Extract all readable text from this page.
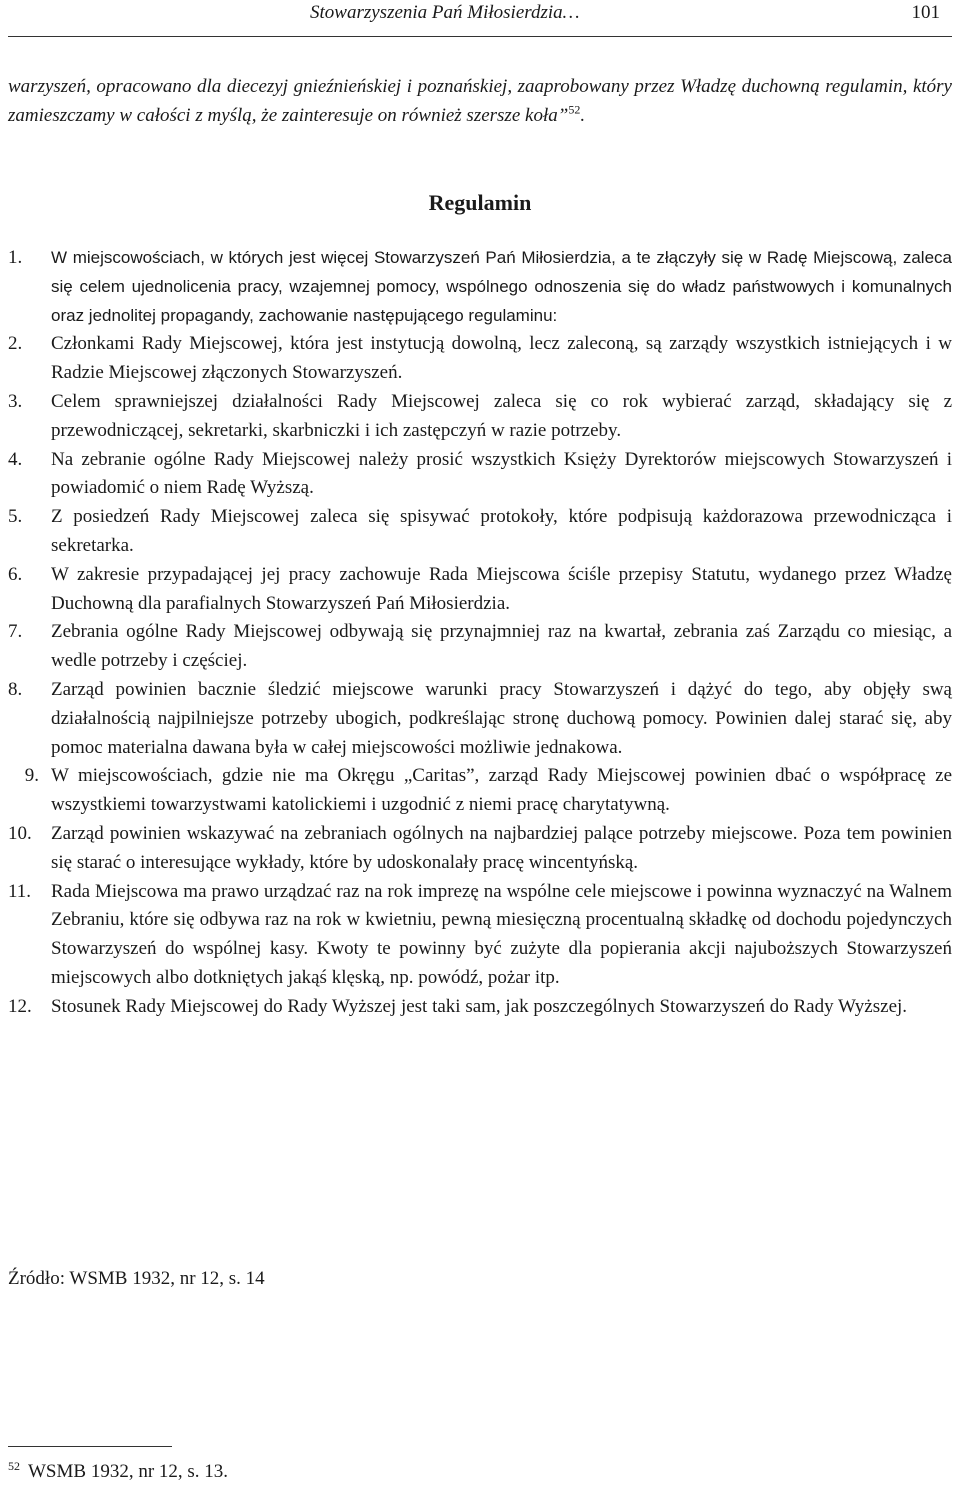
Stowarzyszenia Pań Miłosierdzia…	101
warzyszeń, opracowano dla diecezyj gnieźnieńskiej i poznańskiej, zaaprobowany przez Władzę duchowną regulamin, który zamieszczamy w całości z myślą, że zainteresuje on również szersze koła”$^{52}$.
Regulamin
1.	W miejscowościach, w których jest więcej Stowarzyszeń Pań Miłosierdzia, a te złączyły się w Radę Miejscową, zaleca się celem ujednolicenia pracy, wzajemnej pomocy, wspólnego odnoszenia się do władz państwowych i komunalnych oraz jednolitej propagandy, zachowanie następującego regulaminu:
2.	Członkami Rady Miejscowej, która jest instytucją dowolną, lecz zaleconą, są zarządy wszystkich istniejących i w Radzie Miejscowej złączonych Stowarzyszeń.
3.	Celem sprawniejszej działalności Rady Miejscowej zaleca się co rok wybierać zarząd, składający się z przewodniczącej, sekretarki, skarbniczki i ich zastępczyń w razie potrzeby.
4.	Na zebranie ogólne Rady Miejscowej należy prosić wszystkich Księży Dyrektorów miejscowych Stowarzyszeń i powiadomić o niem Radę Wyższą.
5.	Z posiedzeń Rady Miejscowej zaleca się spisywać protokoły, które podpisują każdorazowa przewodnicząca i sekretarka.
6.	W zakresie przypadającej jej pracy zachowuje Rada Miejscowa ściśle przepisy Statutu, wydanego przez Władzę Duchowną dla parafialnych Stowarzyszeń Pań Miłosierdzia.
7.	Zebrania ogólne Rady Miejscowej odbywają się przynajmniej raz na kwartał, zebrania zaś Zarządu co miesiąc, a wedle potrzeby i częściej.
8.	Zarząd powinien bacznie śledzić miejscowe warunki pracy Stowarzyszeń i dążyć do tego, aby objęły swą działalnością najpilniejsze potrzeby ubogich, podkreślając stronę duchową pomocy. Powinien dalej starać się, aby pomoc materialna dawana była w całej miejscowości możliwie jednakowa.
9. W miejscowościach, gdzie nie ma Okręgu „Caritas”, zarząd Rady Miejscowej powinien dbać o współpracę ze wszystkiemi towarzystwami katolickiemi i uzgodnić z niemi pracę charytatywną.
10.	Zarząd powinien wskazywać na zebraniach ogólnych na najbardziej palące potrzeby miejscowe. Poza tem powinien się starać o interesujące wykłady, które by udoskonalały pracę wincentyńską.
11.	Rada Miejscowa ma prawo urządzać raz na rok imprezę na wspólne cele miejscowe i powinna wyznaczyć na Walnem Zebraniu, które się odbywa raz na rok w kwietniu, pewną miesięczną procentualną składkę od dochodu pojedynczych Stowarzyszeń do wspólnej kasy. Kwoty te powinny być zużyte dla popierania akcji najuboższych Stowarzyszeń miejscowych albo dotkniętych jakąś klęską, np. powódź, pożar itp.
12.	Stosunek Rady Miejscowej do Rady Wyższej jest taki sam, jak poszczególnych Stowarzyszeń do Rady Wyższej.
Źródło: WSMB 1932, nr 12, s. 14
$^{52}$ WSMB 1932, nr 12, s. 13.
